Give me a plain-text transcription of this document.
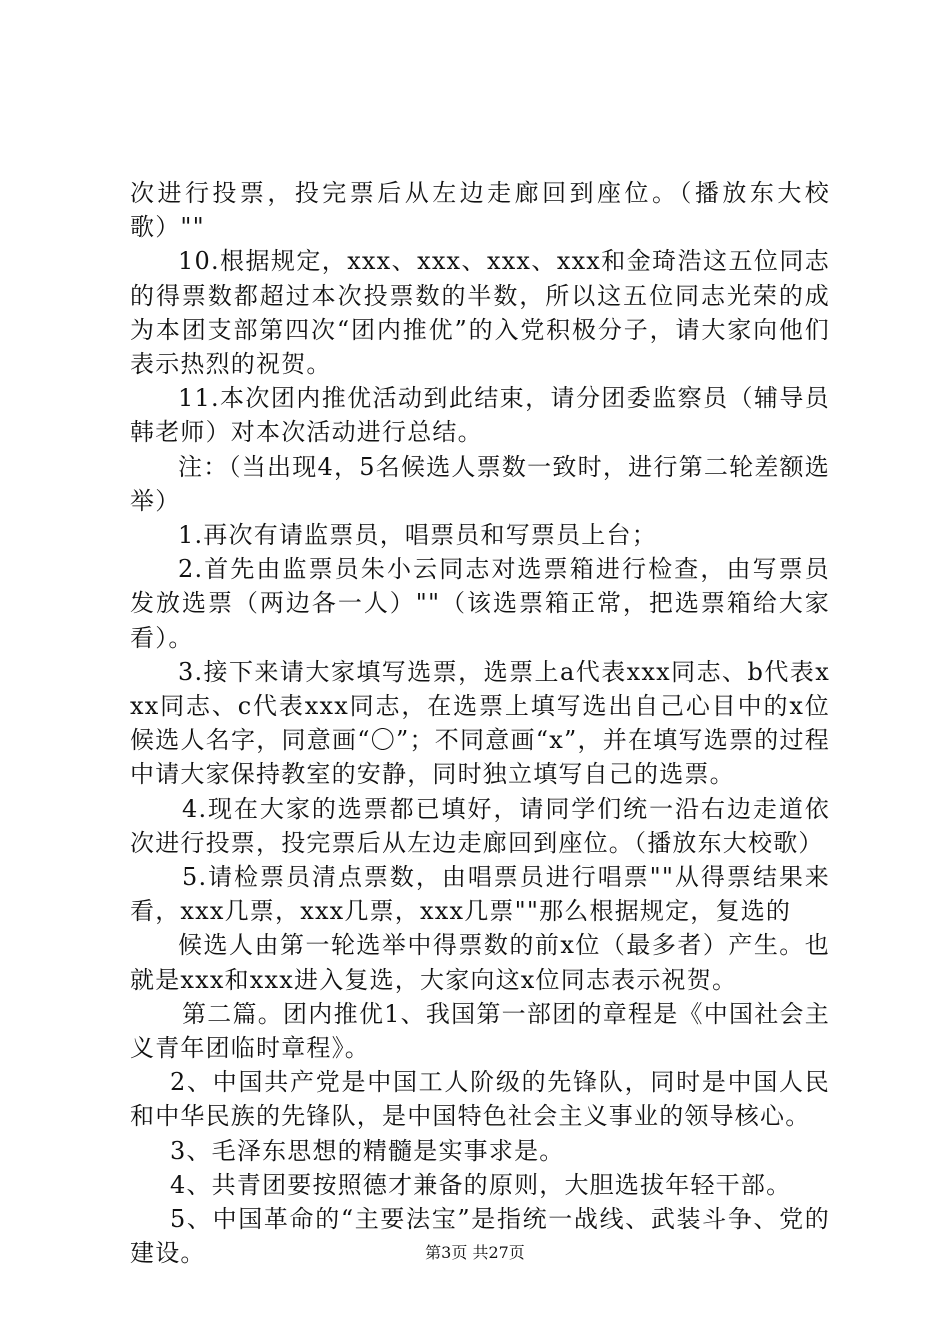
次进行投票，投完票后从左边走廊回到座位。（播放东大校歌）""

10.根据规定，xxx、xxx、xxx、xxx和金琦浩这五位同志的得票数都超过本次投票数的半数，所以这五位同志光荣的成为本团支部第四次“团内推优”的入党积极分子，请大家向他们表示热烈的祝贺。

11.本次团内推优活动到此结束，请分团委监察员（辅导员韩老师）对本次活动进行总结。

注：（当出现4，5名候选人票数一致时，进行第二轮差额选举）

1.再次有请监票员，唱票员和写票员上台；

2.首先由监票员朱小云同志对选票箱进行检查，由写票员发放选票（两边各一人）""（该选票箱正常，把选票箱给大家看）。

3.接下来请大家填写选票，选票上a代表xxx同志、b代表xxx同志、c代表xxx同志，在选票上填写选出自己心目中的x位候选人名字，同意画“〇”；不同意画“x”，并在填写选票的过程中请大家保持教室的安静，同时独立填写自己的选票。

4.现在大家的选票都已填好，请同学们统一沿右边走道依次进行投票，投完票后从左边走廊回到座位。（播放东大校歌）

5.请检票员清点票数，由唱票员进行唱票""从得票结果来看，xxx几票，xxx几票，xxx几票""那么根据规定，复选的

候选人由第一轮选举中得票数的前x位（最多者）产生。也就是xxx和xxx进入复选，大家向这x位同志表示祝贺。

第二篇。团内推优1、我国第一部团的章程是《中国社会主义青年团临时章程》。

2、中国共产党是中国工人阶级的先锋队，同时是中国人民和中华民族的先锋队，是中国特色社会主义事业的领导核心。

3、毛泽东思想的精髓是实事求是。

4、共青团要按照德才兼备的原则，大胆选拔年轻干部。

5、中国革命的“主要法宝”是指统一战线、武装斗争、党的建设。	第3页 共27页
